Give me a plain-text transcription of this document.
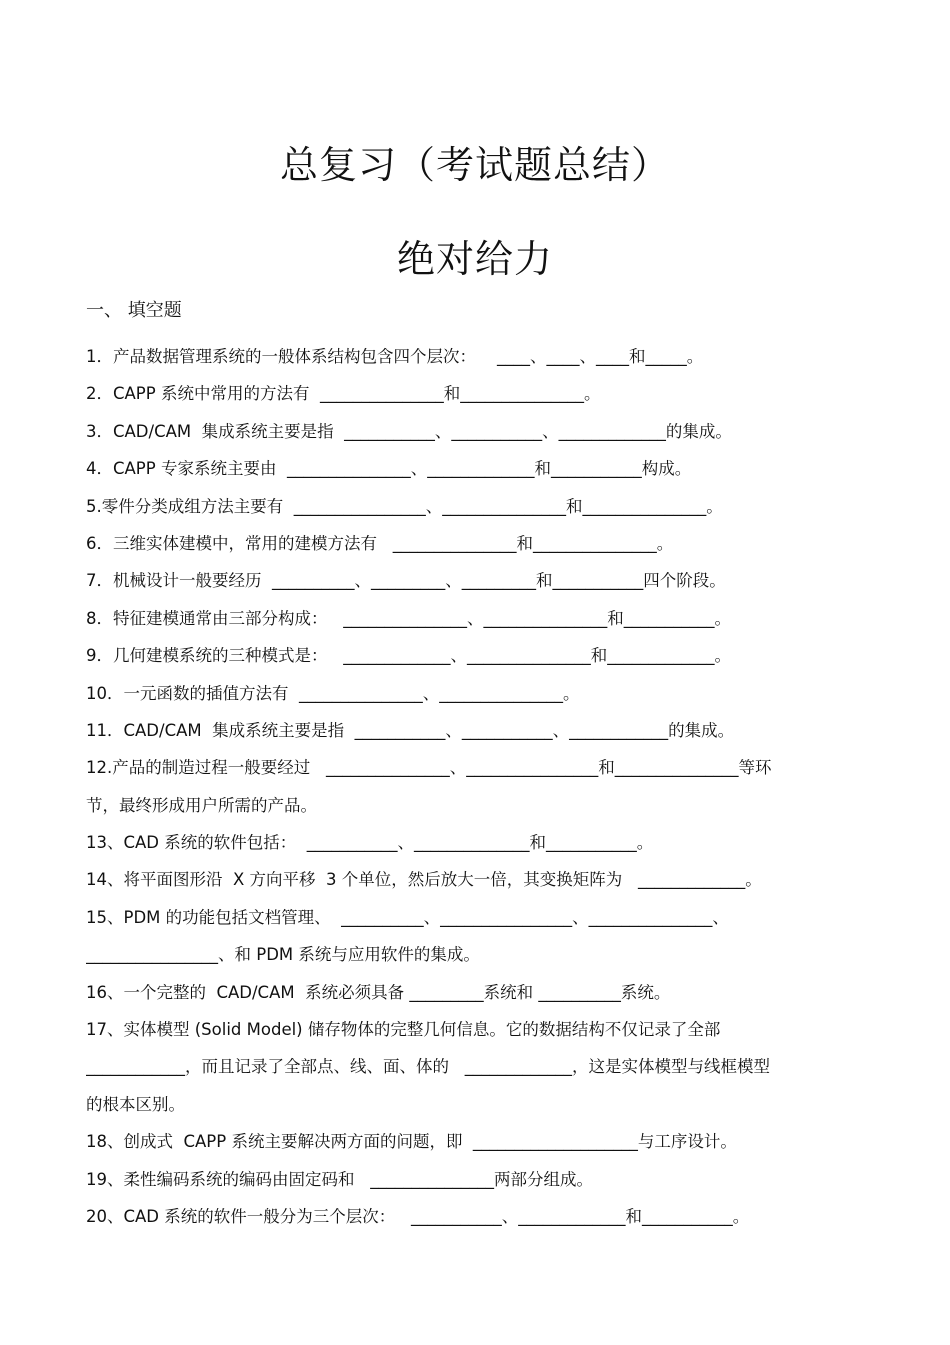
总复习（考试题总结）
绝对给力
一、 填空题
1．产品数据管理系统的一般体系结构包含四个层次：    ____、____、____和_____。
2．CAPP 系统中常用的方法有  _______________和_______________。
3．CAD/CAM  集成系统主要是指  ___________、___________、_____________的集成。
4．CAPP 专家系统主要由  _______________、_____________和___________构成。
5.零件分类成组方法主要有  ________________、_______________和_______________。
6．三维实体建模中，常用的建模方法有   _______________和_______________。
7．机械设计一般要经历  __________、_________、_________和___________四个阶段。
8．特征建模通常由三部分构成：   _______________、_______________和___________。
9．几何建模系统的三种模式是：   _____________、_______________和_____________。
10．一元函数的插值方法有  _______________、_______________。
11．CAD/CAM  集成系统主要是指  ___________、___________、____________的集成。
12.产品的制造过程一般要经过   _______________、________________和_______________等环
节，最终形成用户所需的产品。
13、CAD 系统的软件包括：  ___________、______________和___________。
14、将平面图形沿  X 方向平移  3 个单位，然后放大一倍，其变换矩阵为   _____________。
15、PDM 的功能包括文档管理、  __________、________________、_______________、
________________、和 PDM 系统与应用软件的集成。
16、一个完整的  CAD/CAM  系统必须具备 _________系统和 __________系统。
17、实体模型 (Solid Model) 储存物体的完整几何信息。它的数据结构不仅记录了全部
____________，而且记录了全部点、线、面、体的   _____________，这是实体模型与线框模型
的根本区别。
18、创成式  CAPP 系统主要解决两方面的问题，即  ____________________与工序设计。
19、柔性编码系统的编码由固定码和   _______________两部分组成。
20、CAD 系统的软件一般分为三个层次：   ___________、_____________和___________。
